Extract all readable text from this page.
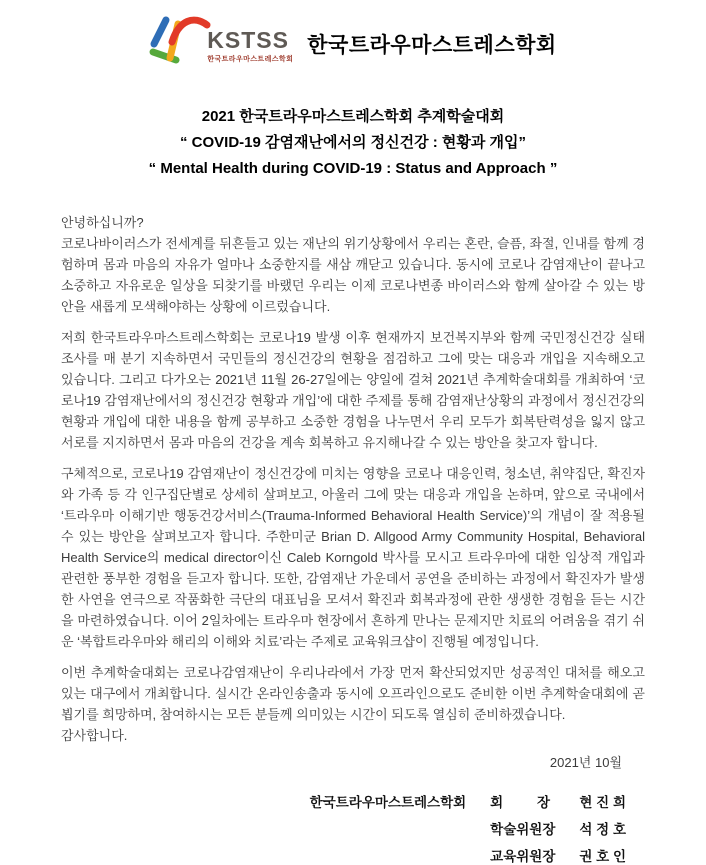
KSTSS
한국트라우마스트레스학회
한국트라우마스트레스학회
2021 한국트라우마스트레스학회 추계학술대회
“ COVID-19 감염재난에서의 정신건강 : 현황과 개입”
“ Mental Health during COVID-19 : Status and Approach ”
안녕하십니까?

코로나바이러스가 전세계를 뒤흔들고 있는 재난의 위기상황에서 우리는 혼란, 슬픔, 좌절, 인내를 함께 경험하며 몸과 마음의 자유가 얼마나 소중한지를 새삼 깨닫고 있습니다. 동시에 코로나 감염재난이 끝나고 소중하고 자유로운 일상을 되찾기를 바랬던 우리는 이제 코로나변종 바이러스와 함께 살아갈 수 있는 방안을 새롭게 모색해야하는 상황에 이르렀습니다.

저희 한국트라우마스트레스학회는 코로나19 발생 이후 현재까지 보건복지부와 함께 국민정신건강 실태조사를 매 분기 지속하면서 국민들의 정신건강의 현황을 점검하고 그에 맞는 대응과 개입을 지속해오고 있습니다. 그리고 다가오는 2021년 11월 26-27일에는 양일에 걸쳐 2021년 추계학술대회를 개최하여 ‘코로나19 감염재난에서의 정신건강 현황과 개입’에 대한 주제를 통해 감염재난상황의 과정에서 정신건강의 현황과 개입에 대한 내용을 함께 공부하고 소중한 경험을 나누면서 우리 모두가 회복탄력성을 잃지 않고 서로를 지지하면서 몸과 마음의 건강을 계속 회복하고 유지해나갈 수 있는 방안을 찾고자 합니다.

구체적으로, 코로나19 감염재난이 정신건강에 미치는 영향을 코로나 대응인력, 청소년, 취약집단, 확진자와 가족 등 각 인구집단별로 상세히 살펴보고, 아울러 그에 맞는 대응과 개입을 논하며, 앞으로 국내에서 ‘트라우마 이해기반 행동건강서비스(Trauma-Informed Behavioral Health Service)’의 개념이 잘 적용될 수 있는 방안을 살펴보고자 합니다. 주한미군 Brian D. Allgood Army Community Hospital, Behavioral Health Service의 medical director이신 Caleb Korngold 박사를 모시고 트라우마에 대한 임상적 개입과 관련한 풍부한 경험을 듣고자 합니다. 또한, 감염재난 가운데서 공연을 준비하는 과정에서 확진자가 발생한 사연을 연극으로 작품화한 극단의 대표님을 모셔서 확진과 회복과정에 관한 생생한 경험을 듣는 시간을 마련하였습니다. 이어 2일차에는 트라우마 현장에서 흔하게 만나는 문제지만 치료의 어려움을 겪기 쉬운 ‘복합트라우마와 해리의 이해와 치료’라는 주제로 교육워크샵이 진행될 예정입니다.

이번 추계학술대회는 코로나감염재난이 우리나라에서 가장 먼저 확산되었지만 성공적인 대처를 해오고있는 대구에서 개최합니다. 실시간 온라인송출과 동시에 오프라인으로도 준비한 이번 추계학술대회에 곧 뵙기를 희망하며, 참여하시는 모든 분들께 의미있는 시간이 되도록 열심히 준비하겠습니다.

감사합니다.
2021년 10월
한국트라우마스트레스학회 회         장	현 진 희
학술위원장 석 정 호
교육위원장 권 호 인
